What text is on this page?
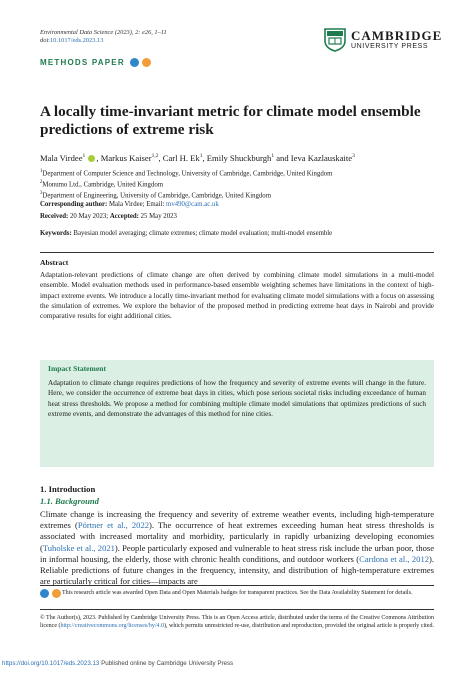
Environmental Data Science (2023), 2: e26, 1–11
doi:10.1017/eds.2023.13	CAMBRIDGE
UNIVERSITY PRESS
METHODS PAPER
A locally time-invariant metric for climate model ensemble predictions of extreme risk
Mala Virdee$^1$ , Markus Kaiser$^{1,2}$, Carl H. Ek$^1$, Emily Shuckburgh$^1$ and Ieva Kazlauskaite$^3$
$^1$Department of Computer Science and Technology, University of Cambridge, Cambridge, United Kingdom
$^2$Monumo Ltd., Cambridge, United Kingdom
$^3$Department of Engineering, University of Cambridge, Cambridge, United Kingdom
Corresponding author: Mala Virdee; Email: mv490@cam.ac.uk
Received: 20 May 2023; Accepted: 25 May 2023
Keywords: Bayesian model averaging; climate extremes; climate model evaluation; multi-model ensemble
Abstract
Adaptation-relevant predictions of climate change are often derived by combining climate model simulations in a multi-model ensemble. Model evaluation methods used in performance-based ensemble weighting schemes have limitations in the context of high-impact extreme events. We introduce a locally time-invariant method for evaluating climate model simulations with a focus on assessing the simulation of extremes. We explore the behavior of the proposed method in predicting extreme heat days in Nairobi and provide comparative results for eight additional cities.
Impact Statement
Adaptation to climate change requires predictions of how the frequency and severity of extreme events will change in the future. Here, we consider the occurrence of extreme heat days in cities, which pose serious societal risks including exceedance of human heat stress thresholds. We propose a method for combining multiple climate model simulations that optimizes predictions of such extreme events, and demonstrate the advantages of this method for nine cities.
1. Introduction
1.1. Background
Climate change is increasing the frequency and severity of extreme weather events, including high-temperature extremes (Pörtner et al., 2022). The occurrence of heat extremes exceeding human heat stress thresholds is associated with increased mortality and morbidity, particularly in rapidly urbanizing developing economies (Tuholske et al., 2021). People particularly exposed and vulnerable to heat stress risk include the urban poor, those in informal housing, the elderly, those with chronic health conditions, and outdoor workers (Cardona et al., 2012). Reliable predictions of future changes in the frequency, intensity, and distribution of high-temperature extremes are particularly critical for cities—impacts are
This research article was awarded Open Data and Open Materials badges for transparent practices. See the Data Availability Statement for details.
© The Author(s), 2023. Published by Cambridge University Press. This is an Open Access article, distributed under the terms of the Creative Commons Attribution licence (http://creativecommons.org/licenses/by/4.0), which permits unrestricted re-use, distribution and reproduction, provided the original article is properly cited.
https://doi.org/10.1017/eds.2023.13 Published online by Cambridge University Press
